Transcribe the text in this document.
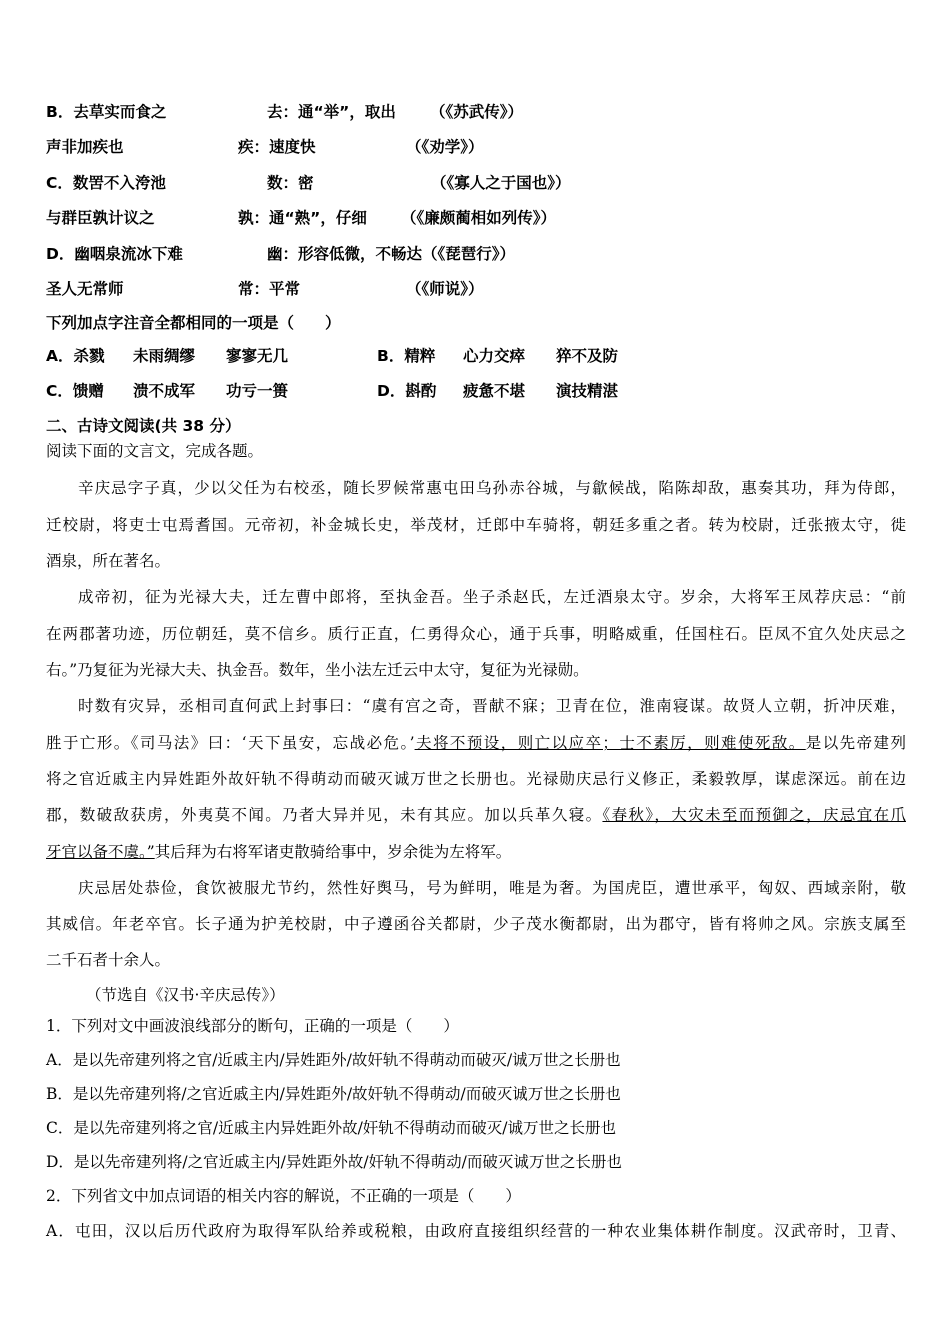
B．去草实而食之	去：通“举”，取出 （《苏武传》）
声非加疾也	疾：速度快	（《劝学》）
C．数罟不入洿池	数：密	（《寡人之于国也》）
与群臣孰计议之	孰：通“熟”，仔细 （《廉颇蔺相如列传》）
D．幽咽泉流冰下难	幽：形容低微，不畅达（《琵琶行》）
圣人无常师	常：平常	（《师说》）
下列加点字注音全都相同的一项是（　　）
A．杀戮 未雨绸缪 寥寥无几	B．精粹 心力交瘁 猝不及防
C．馈赠 溃不成军 功亏一篑	D．斟酌 疲惫不堪 演技精湛
二、古诗文阅读(共 38 分）
阅读下面的文言文，完成各题。
辛庆忌字子真，少以父任为右校丞，随长罗候常惠屯田乌孙赤谷城，与歙候战，陷陈却敌，惠奏其功，拜为侍郎，
迁校尉，将吏士屯焉耆国。元帝初，补金城长史，举茂材，迁郎中车骑将，朝廷多重之者。转为校尉，迁张掖太守，徙
酒泉，所在著名。
成帝初，征为光禄大夫，迁左曹中郎将，至执金吾。坐子杀赵氏，左迁酒泉太守。岁余，大将军王凤荐庆忌：“前
在两郡著功迹，历位朝廷，莫不信乡。质行正直，仁勇得众心，通于兵事，明略威重，任国柱石。臣凤不宜久处庆忌之
右。”乃复征为光禄大夫、执金吾。数年，坐小法左迁云中太守，复征为光禄勋。
时数有灾异，丞相司直何武上封事曰：“虞有宫之奇，晋献不寐；卫青在位，淮南寝谋。故贤人立朝，折冲厌难，
胜于亡形。《司马法》曰：‘天下虽安，忘战必危。’夫将不预设，则亡以应卒；士不素厉，则难使死敌。是以先帝建列
将之官近戚主内异姓距外故奸轨不得萌动而破灭诚万世之长册也。光禄勋庆忌行义修正，柔毅敦厚，谋虑深远。前在边
郡，数破敌获虏，外夷莫不闻。乃者大异并见，未有其应。加以兵革久寝。《春秋》，大灾未至而预御之，庆忌宜在爪
牙官以备不虞。”其后拜为右将军诸吏散骑给事中，岁余徙为左将军。
庆忌居处恭俭，食饮被服尤节约，然性好舆马，号为鲜明，唯是为奢。为国虎臣，遭世承平，匈奴、西域亲附，敬
其威信。年老卒官。长子通为护羌校尉，中子遵函谷关都尉，少子茂水衡都尉，出为郡守，皆有将帅之风。宗族支属至
二千石者十余人。
（节选自《汉书·辛庆忌传》）
1．下列对文中画波浪线部分的断句，正确的一项是（　　）
A．是以先帝建列将之官/近戚主内/异姓距外/故奸轨不得萌动而破灭/诚万世之长册也
B．是以先帝建列将/之官近戚主内/异姓距外/故奸轨不得萌动/而破灭诚万世之长册也
C．是以先帝建列将之官/近戚主内异姓距外故/奸轨不得萌动而破灭/诚万世之长册也
D．是以先帝建列将/之官近戚主内/异姓距外故/奸轨不得萌动/而破灭诚万世之长册也
2．下列省文中加点词语的相关内容的解说，不正确的一项是（　　）
A．屯田，汉以后历代政府为取得军队给养或税粮，由政府直接组织经营的一种农业集体耕作制度。汉武帝时，卫青、
